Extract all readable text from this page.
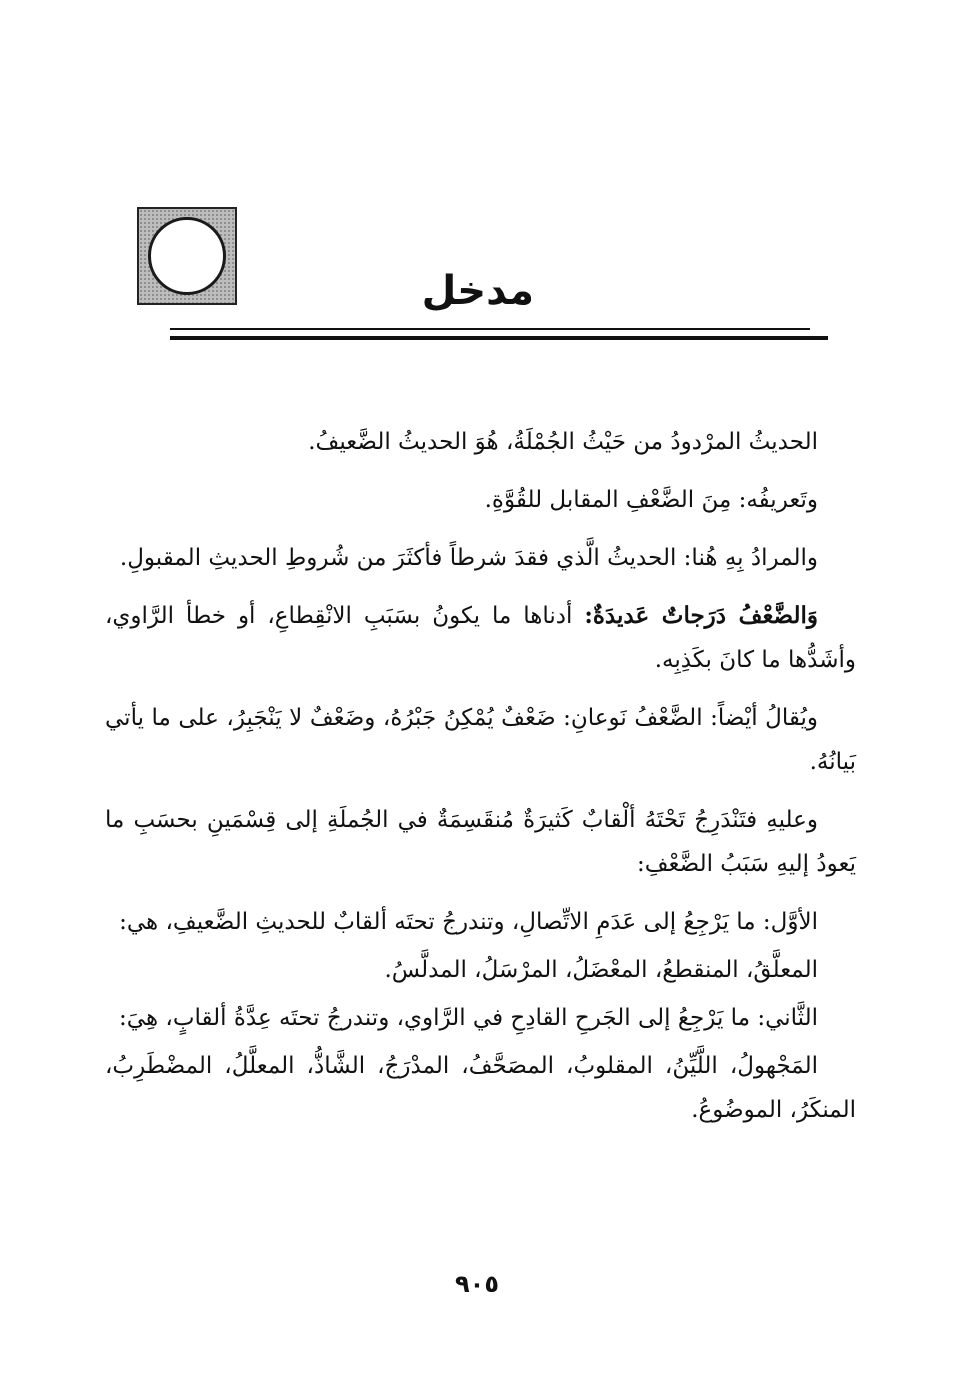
مدخل

الحديثُ المرْدودُ من حَيْثُ الجُمْلَةُ، هُوَ الحديثُ الضَّعيفُ.

وتَعريفُه: مِنَ الضَّعْفِ المقابل للقُوَّةِ.

والمرادُ بِهِ هُنا: الحديثُ الَّذي فقدَ شرطاً فأكثَرَ من شُروطِ الحديثِ المقبولِ.

وَالضَّعْفُ دَرَجاتٌ عَديدَةٌ: أدناها ما يكونُ بسَبَبِ الانْقِطاعِ، أو خطأ الرَّاوي، وأشَدُّها ما كانَ بكَذِبِه.

ويُقالُ أيْضاً: الضَّعْفُ نَوعانِ: ضَعْفٌ يُمْكِنُ جَبْرُهُ، وضَعْفٌ لا يَنْجَبِرُ، على ما يأتي بَيانُهُ.

وعليهِ فتَنْدَرِجُ تَحْتَهُ ألْقابٌ كَثيرَةٌ مُنقَسِمَةٌ في الجُملَةِ إلى قِسْمَينِ بحسَبِ ما يَعودُ إليهِ سَبَبُ الضَّعْفِ:

الأوَّل: ما يَرْجِعُ إلى عَدَمِ الاتِّصالِ، وتندرجُ تحتَه ألقابٌ للحديثِ الضَّعيفِ، هي:

المعلَّقُ، المنقطعُ، المعْضَلُ، المرْسَلُ، المدلَّسُ.

الثَّاني: ما يَرْجِعُ إلى الجَرحِ القادِحِ في الرَّاوي، وتندرجُ تحتَه عِدَّةُ ألقابٍ، هِيَ:

المَجْهولُ، اللَّيِّنُ، المقلوبُ، المصَحَّفُ، المدْرَجُ، الشَّاذُّ، المعلَّلُ، المضْطَرِبُ، المنكَرُ، الموضُوعُ.

٩٠٥
